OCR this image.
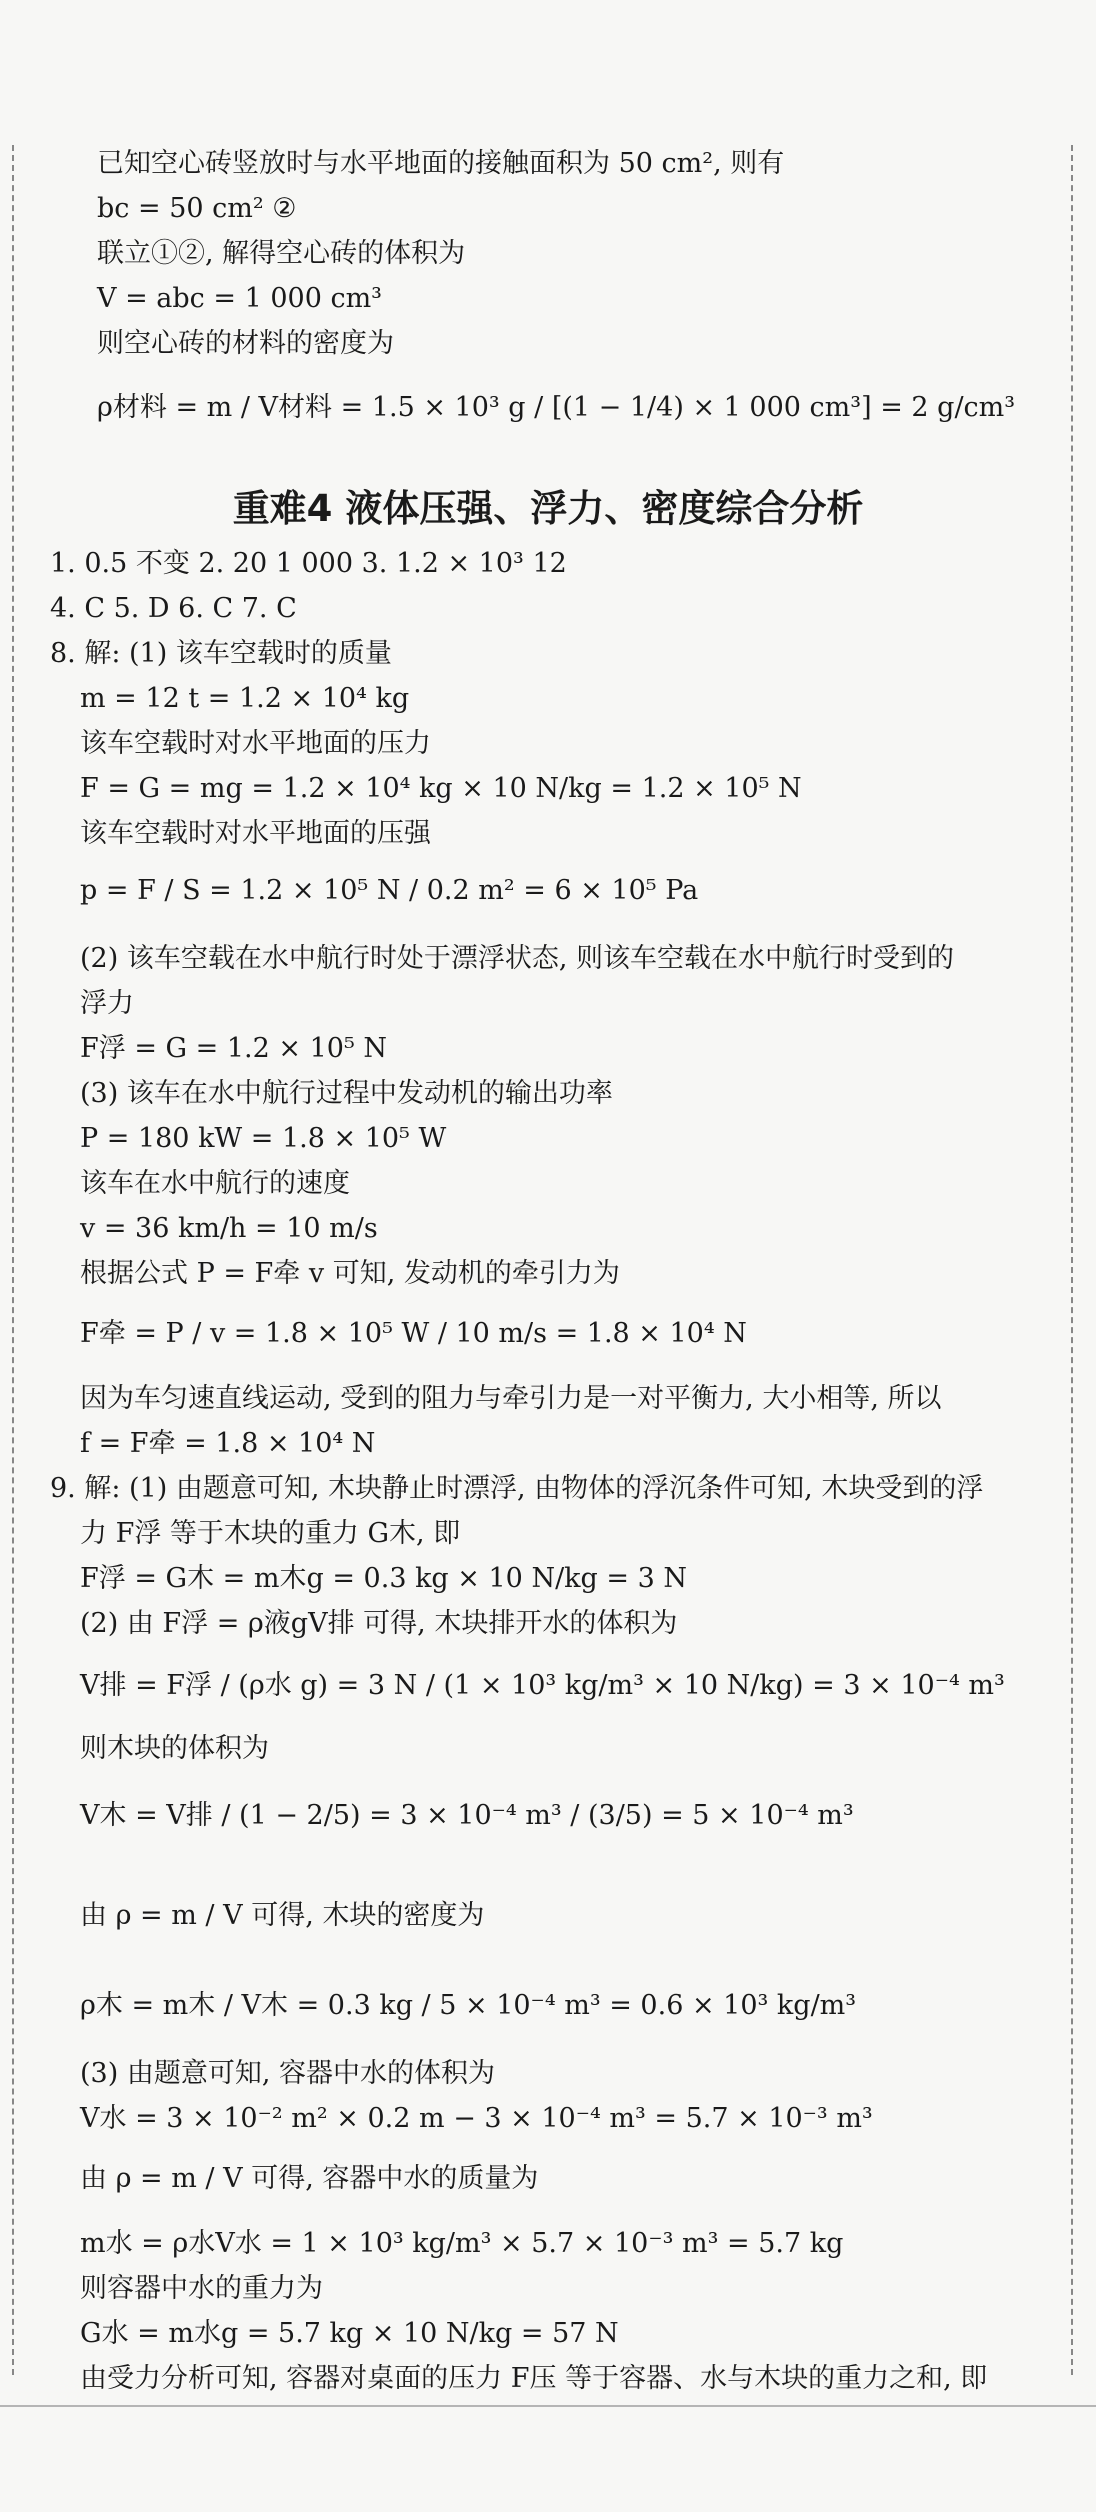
已知空心砖竖放时与水平地面的接触面积为 50 cm², 则有
bc = 50 cm² ②
联立①②, 解得空心砖的体积为
V = abc = 1 000 cm³
则空心砖的材料的密度为
ρ材料 = m / V材料 = 1.5 × 10³ g / [(1 − 1/4) × 1 000 cm³] = 2 g/cm³
1. 0.5 不变 2. 20 1 000 3. 1.2 × 10³ 12
4. C 5. D 6. C 7. C
8. 解: (1) 该车空载时的质量
m = 12 t = 1.2 × 10⁴ kg
该车空载时对水平地面的压力
F = G = mg = 1.2 × 10⁴ kg × 10 N/kg = 1.2 × 10⁵ N
该车空载时对水平地面的压强
p = F / S = 1.2 × 10⁵ N / 0.2 m² = 6 × 10⁵ Pa
(2) 该车空载在水中航行时处于漂浮状态, 则该车空载在水中航行时受到的
浮力
F浮 = G = 1.2 × 10⁵ N
(3) 该车在水中航行过程中发动机的输出功率
P = 180 kW = 1.8 × 10⁵ W
该车在水中航行的速度
v = 36 km/h = 10 m/s
根据公式 P = F牵 v 可知, 发动机的牵引力为
F牵 = P / v = 1.8 × 10⁵ W / 10 m/s = 1.8 × 10⁴ N
因为车匀速直线运动, 受到的阻力与牵引力是一对平衡力, 大小相等, 所以
f = F牵 = 1.8 × 10⁴ N
9. 解: (1) 由题意可知, 木块静止时漂浮, 由物体的浮沉条件可知, 木块受到的浮
力 F浮 等于木块的重力 G木, 即
F浮 = G木 = m木g = 0.3 kg × 10 N/kg = 3 N
(2) 由 F浮 = ρ液gV排 可得, 木块排开水的体积为
V排 = F浮 / (ρ水 g) = 3 N / (1 × 10³ kg/m³ × 10 N/kg) = 3 × 10⁻⁴ m³
则木块的体积为
V木 = V排 / (1 − 2/5) = 3 × 10⁻⁴ m³ / (3/5) = 5 × 10⁻⁴ m³
由 ρ = m / V 可得, 木块的密度为
ρ木 = m木 / V木 = 0.3 kg / 5 × 10⁻⁴ m³ = 0.6 × 10³ kg/m³
(3) 由题意可知, 容器中水的体积为
V水 = 3 × 10⁻² m² × 0.2 m − 3 × 10⁻⁴ m³ = 5.7 × 10⁻³ m³
由 ρ = m / V 可得, 容器中水的质量为
m水 = ρ水V水 = 1 × 10³ kg/m³ × 5.7 × 10⁻³ m³ = 5.7 kg
则容器中水的重力为
G水 = m水g = 5.7 kg × 10 N/kg = 57 N
由受力分析可知, 容器对桌面的压力 F压 等于容器、水与木块的重力之和, 即
重难4 液体压强、浮力、密度综合分析
